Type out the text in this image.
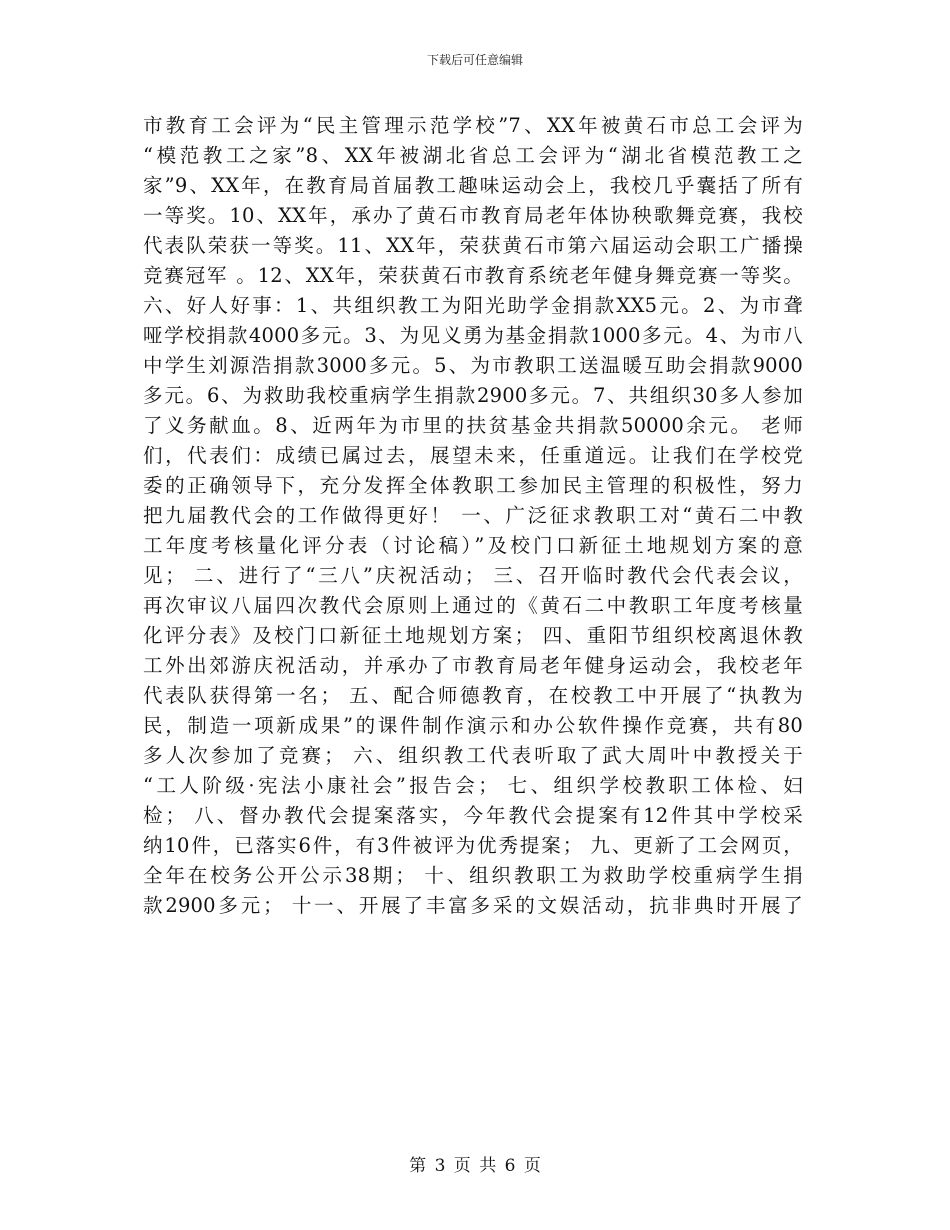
下载后可任意编辑
市教育工会评为“民主管理示范学校”7、XX年被黄石市总工会评为
“模范教工之家”8、XX年被湖北省总工会评为“湖北省模范教工之
家”9、XX年，在教育局首届教工趣味运动会上，我校几乎囊括了所有
一等奖。10、XX年，承办了黄石市教育局老年体协秧歌舞竞赛，我校
代表队荣获一等奖。11、XX年，荣获黄石市第六届运动会职工广播操
竞赛冠军 。12、XX年，荣获黄石市教育系统老年健身舞竞赛一等奖。
六、好人好事：1、共组织教工为阳光助学金捐款XX5元。2、为市聋
哑学校捐款4000多元。3、为见义勇为基金捐款1000多元。4、为市八
中学生刘源浩捐款3000多元。5、为市教职工送温暖互助会捐款9000
多元。6、为救助我校重病学生捐款2900多元。7、共组织30多人参加
了义务献血。8、近两年为市里的扶贫基金共捐款50000余元。 老师
们，代表们：成绩已属过去，展望未来，任重道远。让我们在学校党
委的正确领导下，充分发挥全体教职工参加民主管理的积极性，努力
把九届教代会的工作做得更好！ 一、广泛征求教职工对“黄石二中教
工年度考核量化评分表（讨论稿）”及校门口新征土地规划方案的意
见； 二、进行了“三八”庆祝活动； 三、召开临时教代会代表会议，
再次审议八届四次教代会原则上通过的《黄石二中教职工年度考核量
化评分表》及校门口新征土地规划方案； 四、重阳节组织校离退休教
工外出郊游庆祝活动，并承办了市教育局老年健身运动会，我校老年
代表队获得第一名； 五、配合师德教育，在校教工中开展了“执教为
民，制造一项新成果”的课件制作演示和办公软件操作竞赛，共有80
多人次参加了竞赛； 六、组织教工代表听取了武大周叶中教授关于
“工人阶级·宪法小康社会”报告会； 七、组织学校教职工体检、妇
检； 八、督办教代会提案落实，今年教代会提案有12件其中学校采
纳10件，已落实6件，有3件被评为优秀提案； 九、更新了工会网页，
全年在校务公开公示38期； 十、组织教职工为救助学校重病学生捐
款2900多元； 十一、开展了丰富多采的文娱活动，抗非典时开展了
第 3 页 共 6 页
